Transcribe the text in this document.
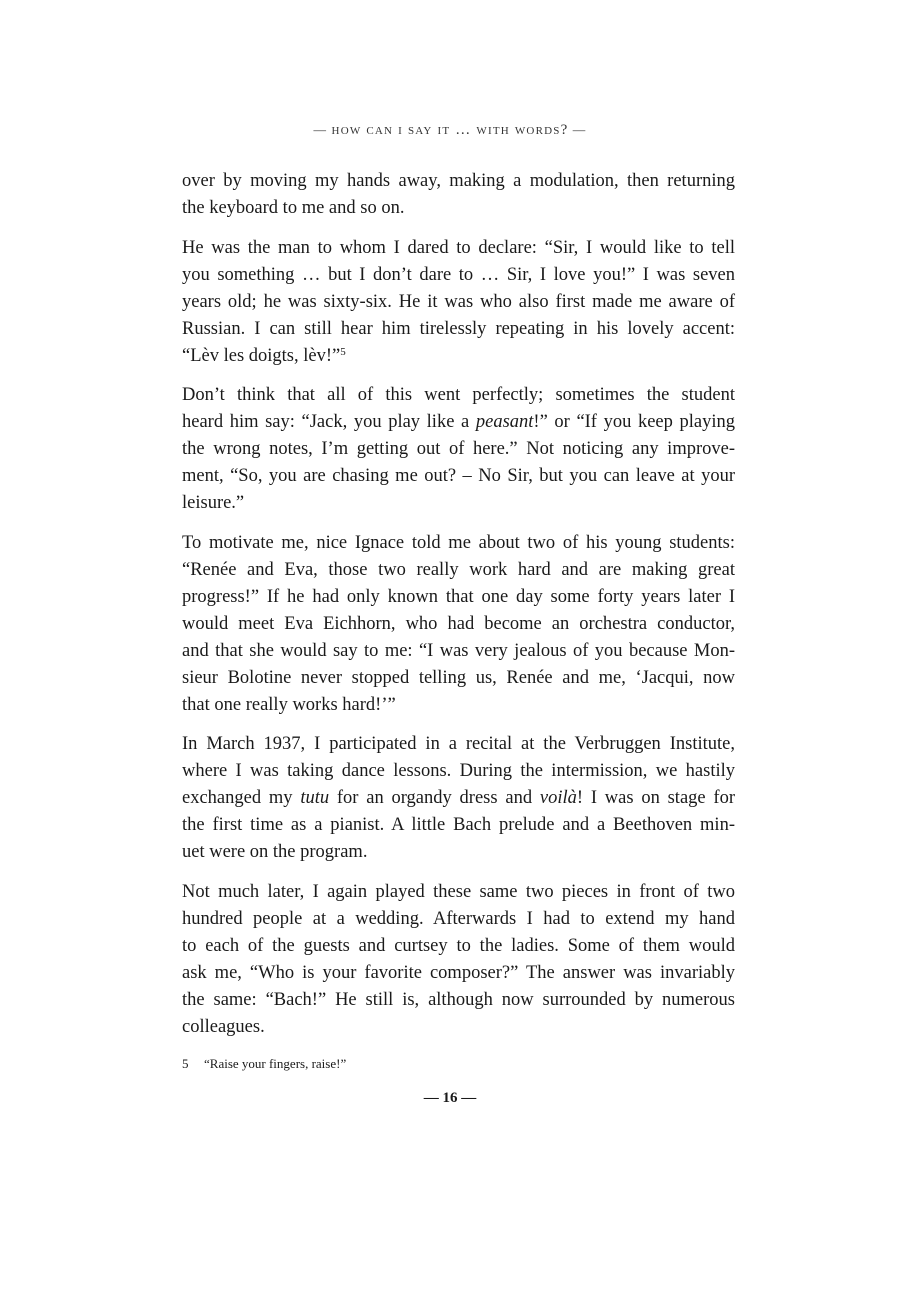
— how can i say it … with words? —
over by moving my hands away, making a modulation, then returning
the keyboard to me and so on.
He was the man to whom I dared to declare: “Sir, I would like to tell
you something … but I don’t dare to … Sir, I love you!” I was seven
years old; he was sixty-six. He it was who also first made me aware of
Russian. I can still hear him tirelessly repeating in his lovely accent:
“Lèv les doigts, lèv!”$^5$
Don’t think that all of this went perfectly; sometimes the student
heard him say: “Jack, you play like a peasant!” or “If you keep playing
the wrong notes, I’m getting out of here.” Not noticing any improve-
ment, “So, you are chasing me out? – No Sir, but you can leave at your
leisure.”
To motivate me, nice Ignace told me about two of his young students:
“Renée and Eva, those two really work hard and are making great
progress!” If he had only known that one day some forty years later I
would meet Eva Eichhorn, who had become an orchestra conductor,
and that she would say to me: “I was very jealous of you because Mon-
sieur Bolotine never stopped telling us, Renée and me, ‘Jacqui, now
that one really works hard!’”
In March 1937, I participated in a recital at the Verbruggen Institute,
where I was taking dance lessons. During the intermission, we hastily
exchanged my tutu for an organdy dress and voilà! I was on stage for
the first time as a pianist. A little Bach prelude and a Beethoven min-
uet were on the program.
Not much later, I again played these same two pieces in front of two
hundred people at a wedding. Afterwards I had to extend my hand
to each of the guests and curtsey to the ladies. Some of them would
ask me, “Who is your favorite composer?” The answer was invariably
the same: “Bach!” He still is, although now surrounded by numerous
colleagues.
5 “Raise your fingers, raise!”
— 16 —
